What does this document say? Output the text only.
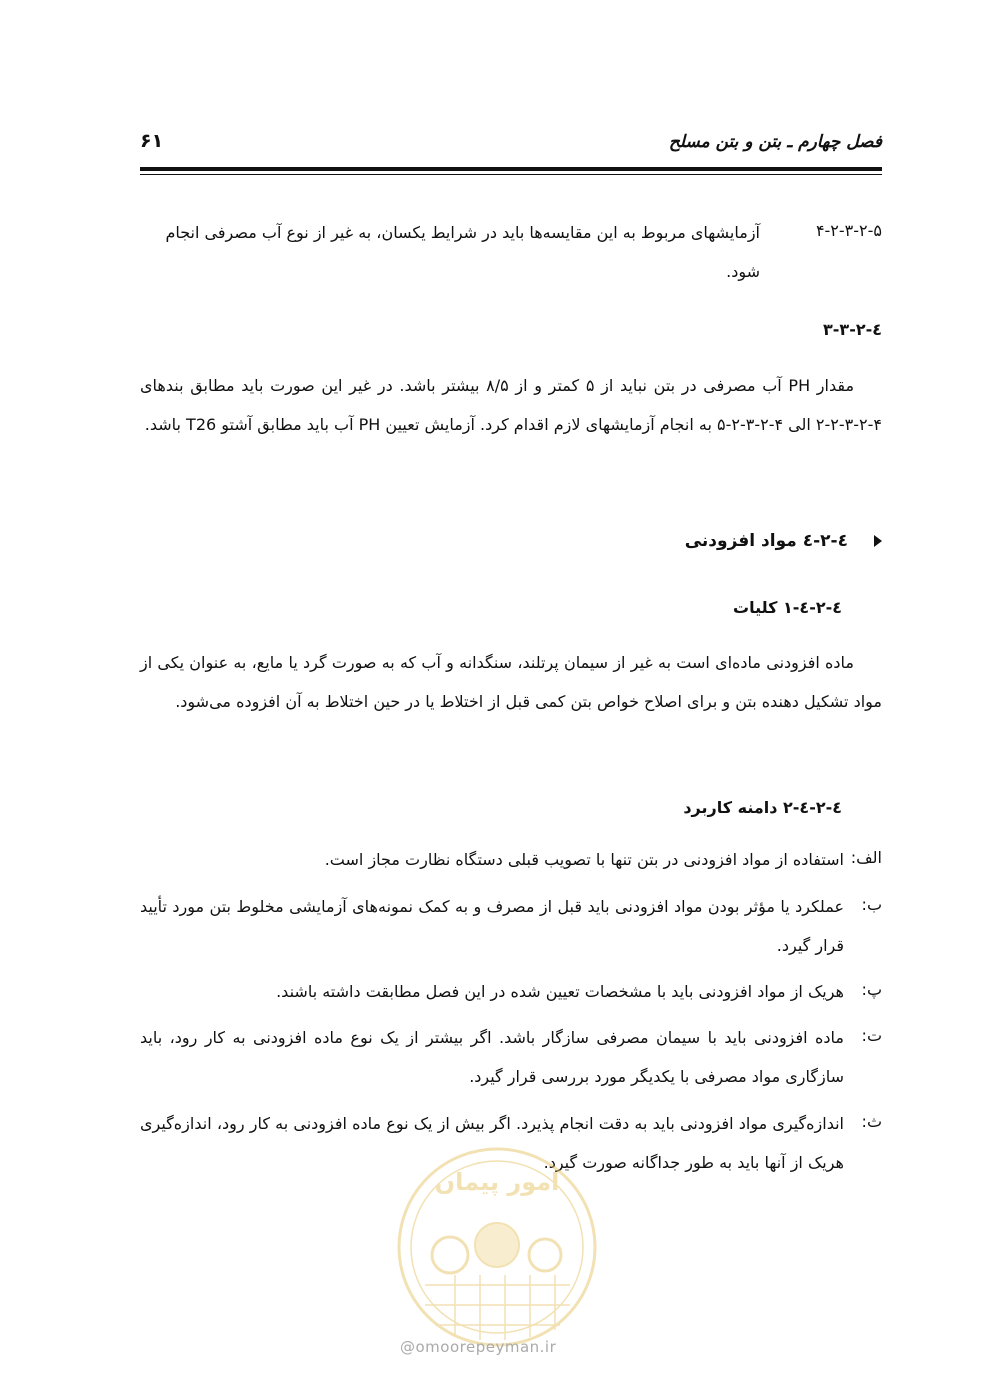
فصل چهارم ـ بتن و بتن مسلح
۶۱
۴-۲-۳-۲-۵
آزمایشهای مربوط به این مقایسه‌ها باید در شرایط یکسان، به غیر از نوع آب مصرفی انجام شود.
٤-٢-٣-٣
مقدار PH آب مصرفی در بتن نباید از ۵ کمتر و از ۸/۵ بیشتر باشد. در غیر این صورت باید مطابق بندهای ۴-۲-۳-۲-۲ الی ۴-۲-۳-۲-۵ به انجام آزمایشهای لازم اقدام کرد. آزمایش تعیین PH آب باید مطابق آشتو T26 باشد.
٤-٢-٤ مواد افزودنی
٤-٢-٤-١ کلیات
ماده افزودنی ماده‌ای است به غیر از سیمان پرتلند، سنگدانه و آب که به صورت گرد یا مایع، به عنوان یکی از مواد تشکیل دهنده بتن و برای اصلاح خواص بتن کمی قبل از اختلاط یا در حین اختلاط به آن افزوده می‌شود.
٤-٢-٤-٢ دامنه کاربرد
الف:
استفاده از مواد افزودنی در بتن تنها با تصویب قبلی دستگاه نظارت مجاز است.
ب:
عملکرد یا مؤثر بودن مواد افزودنی باید قبل از مصرف و به کمک نمونه‌های آزمایشی مخلوط بتن مورد تأیید قرار گیرد.
پ:
هریک از مواد افزودنی باید با مشخصات تعیین شده در این فصل مطابقت داشته باشند.
ت:
ماده افزودنی باید با سیمان مصرفی سازگار باشد. اگر بیشتر از یک نوع ماده افزودنی به کار رود، باید سازگاری مواد مصرفی با یکدیگر مورد بررسی قرار گیرد.
ث:
اندازه‌گیری مواد افزودنی باید به دقت انجام پذیرد. اگر بیش از یک نوع ماده افزودنی به کار رود، اندازه‌گیری هریک از آنها باید به طور جداگانه صورت گیرد.
امور پیمان
@omoorepeyman.ir
